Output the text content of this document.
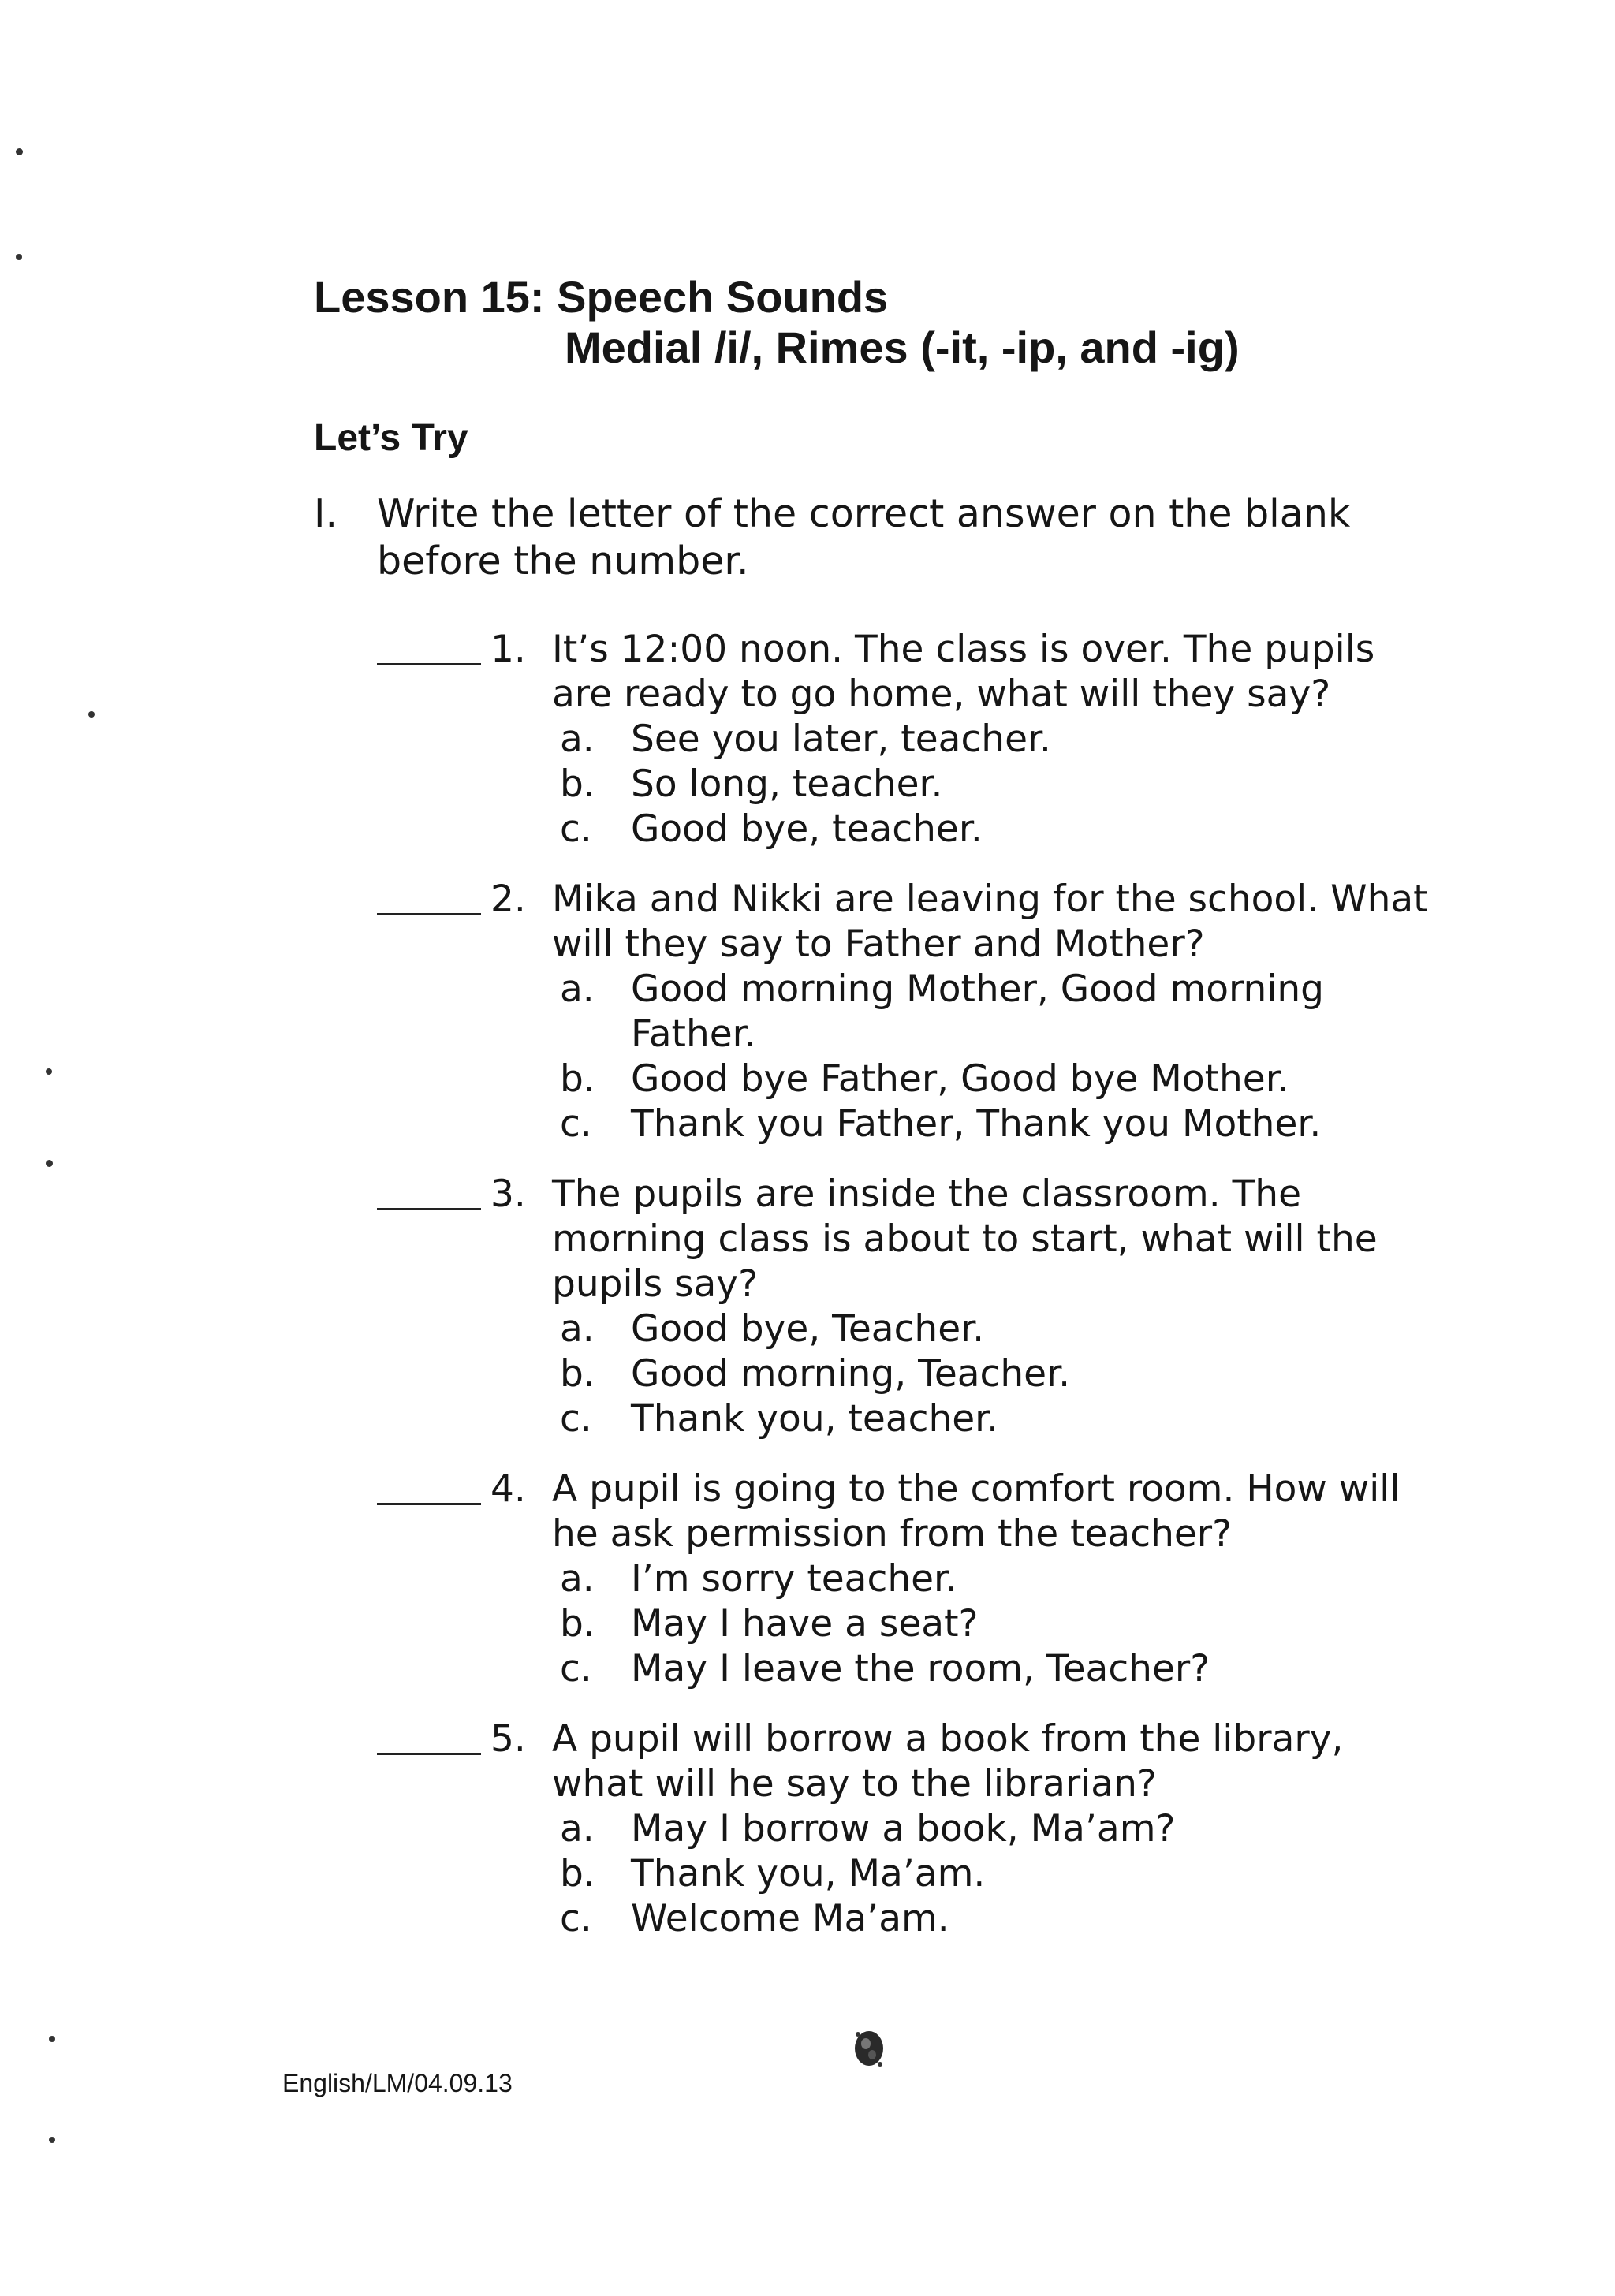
Lesson 15: Speech Sounds
Medial /i/, Rimes (-it, -ip, and -ig)
Let’s Try
I. Write the letter of the correct answer on the blank before the number.
1. It’s 12:00 noon. The class is over. The pupils are ready to go home, what will they say?
a. See you later, teacher.
b. So long, teacher.
c. Good bye, teacher.
2. Mika and Nikki are leaving for the school. What will they say to Father and Mother?
a. Good morning Mother, Good morning Father.
b. Good bye Father, Good bye Mother.
c. Thank you Father, Thank you Mother.
3. The pupils are inside the classroom. The morning class is about to start, what will the pupils say?
a. Good bye, Teacher.
b. Good morning, Teacher.
c. Thank you, teacher.
4. A pupil is going to the comfort room. How will he ask permission from the teacher?
a. I’m sorry teacher.
b. May I have a seat?
c. May I leave the room, Teacher?
5. A pupil will borrow a book from the library, what will he say to the librarian?
a. May I borrow a book, Ma’am?
b. Thank you, Ma’am.
c. Welcome Ma’am.
English/LM/04.09.13
